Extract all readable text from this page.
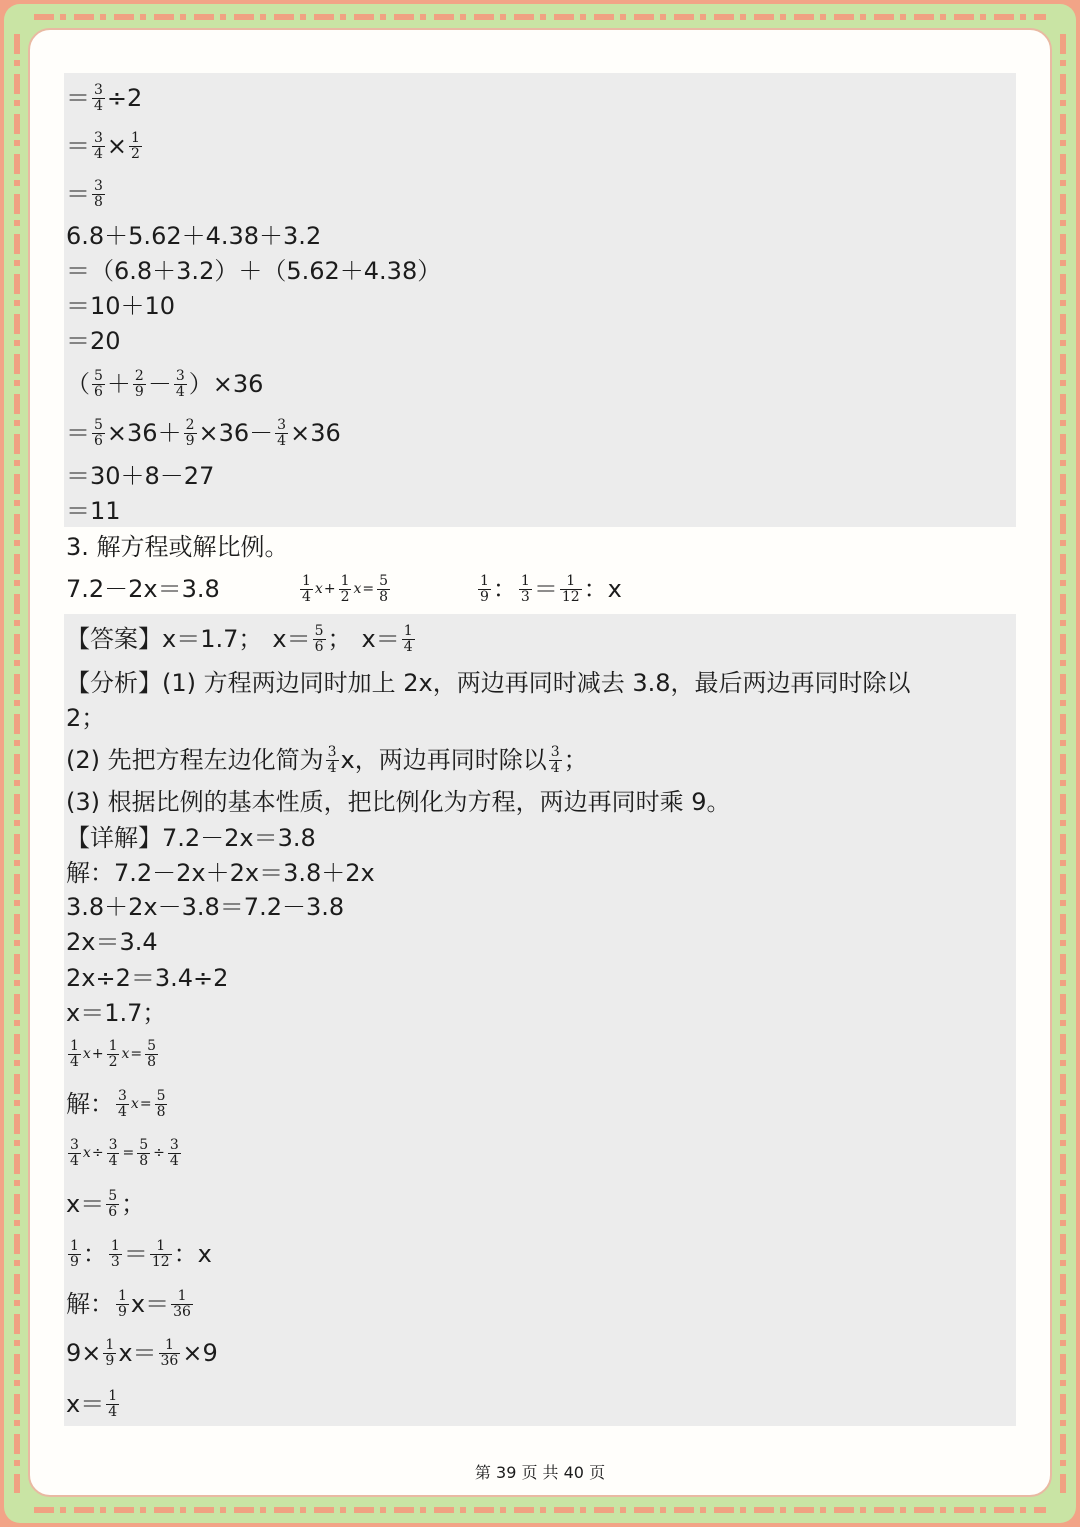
＝ $\frac{3}{4} \div 2$
＝ $\frac{3}{4} \times \frac{1}{2}$
＝ $\frac{3}{8}$
6.8＋5.62＋4.38＋3.2
＝（6.8＋3.2）＋（5.62＋4.38）
＝10＋10
＝20
（ $\frac{5}{6} + \frac{2}{9} - \frac{3}{4} )\times 36$
＝ $\frac{5}{6} \times 36+ \frac{2}{9} \times 36- \frac{3}{4} \times 36$
＝30＋8－27
＝11
3. 解方程或解比例。
7.2－2x＝3.8	$\frac{1}{4}$ $x + \frac{1}{2}$ $x = \frac{5}{8}$	$\frac{1}{9}$ ： $\frac{1}{3} = \frac{1}{12}$ ：x
【答案】 x＝1.7； $x= \frac{5}{6}$ ； $x= \frac{1}{4}$
【分析】 (1) 方程两边同时加上 2x，两边再同时减去 3.8，最后两边再同时除以
2；
(2) 先把方程左边化简为 $\frac{3}{4}$ x，两边再同时除以 $\frac{3}{4}$ ；
(3) 根据比例的基本性质，把比例化为方程，两边再同时乘 9。
【详解】 7.2－2x＝3.8
解：7.2－2x＋2x＝3.8＋2x
3.8＋2x－3.8＝7.2－3.8
2x＝3.4
2x÷2＝3.4÷2
x＝1.7；
$\frac{1}{4}$ $x + \frac{1}{2}$ $x = \frac{5}{8}$
解： $\frac{3}{4}$ $x = \frac{5}{8}$
$\frac{3}{4}$ $x \div \frac{3}{4} = \frac{5}{8} \div \frac{3}{4}$
$x= \frac{5}{6}$ ；
$\frac{1}{9}$ ： $\frac{1}{3} = \frac{1}{12}$ ：x
解： $\frac{1}{9} x= \frac{1}{36}$
$9\times \frac{1}{9} x= \frac{1}{36} \times 9$
$x= \frac{1}{4}$
第 39 页 共 40 页
